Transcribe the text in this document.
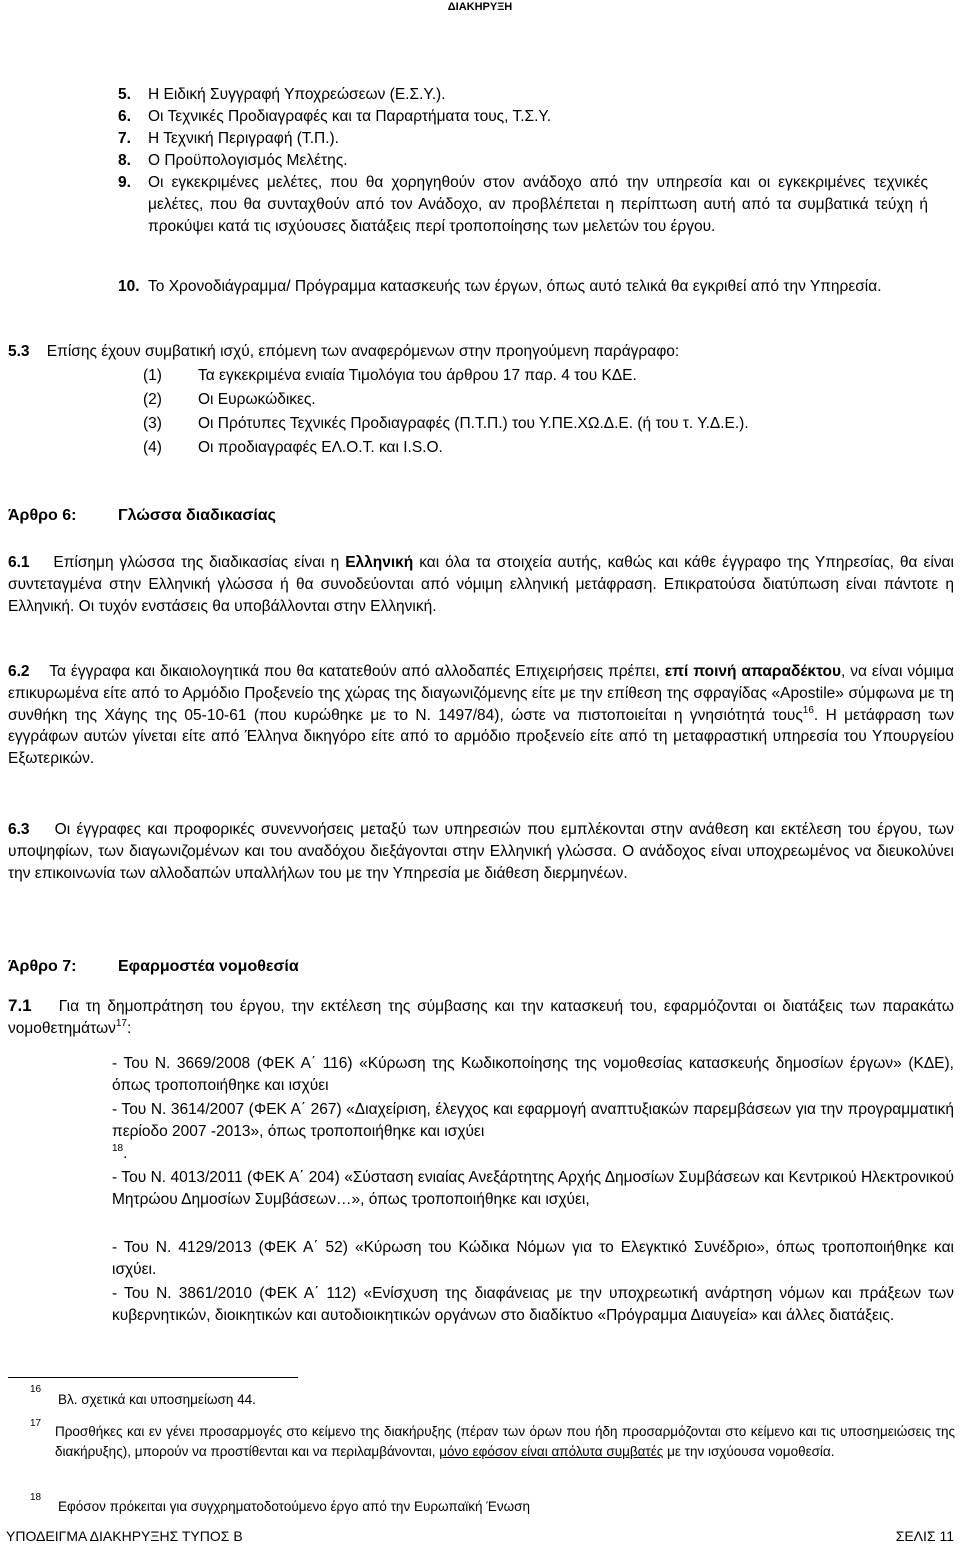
ΔΙΑΚΗΡΥΞΗ
5. Η Ειδική Συγγραφή Υποχρεώσεων (Ε.Σ.Υ.).
6. Οι Τεχνικές Προδιαγραφές και τα Παραρτήματα τους, Τ.Σ.Υ.
7. Η Τεχνική Περιγραφή (Τ.Π.).
8. Ο Προϋπολογισμός Μελέτης.
9. Οι εγκεκριμένες μελέτες, που θα χορηγηθούν στον ανάδοχο από την υπηρεσία και οι εγκεκριμένες τεχνικές μελέτες, που θα συνταχθούν από τον Ανάδοχο, αν προβλέπεται η περίπτωση αυτή από τα συμβατικά τεύχη ή προκύψει κατά τις ισχύουσες διατάξεις περί τροποποίησης των μελετών του έργου.
10. Το Χρονοδιάγραμμα/ Πρόγραμμα κατασκευής των έργων, όπως αυτό τελικά θα εγκριθεί από την Υπηρεσία.
5.3 Επίσης έχουν συμβατική ισχύ, επόμενη των αναφερόμενων στην προηγούμενη παράγραφο:
(1) Τα εγκεκριμένα ενιαία Τιμολόγια του άρθρου 17 παρ. 4 του ΚΔΕ.
(2) Οι Ευρωκώδικες.
(3) Οι Πρότυπες Τεχνικές Προδιαγραφές (Π.Τ.Π.) του Υ.ΠΕ.ΧΩ.Δ.Ε. (ή του τ. Υ.Δ.Ε.).
(4) Οι προδιαγραφές ΕΛ.Ο.Τ. και I.S.O.
Άρθρο 6:	Γλώσσα διαδικασίας
6.1 Επίσημη γλώσσα της διαδικασίας είναι η Ελληνική και όλα τα στοιχεία αυτής, καθώς και κάθε έγγραφο της Υπηρεσίας, θα είναι συντεταγμένα στην Ελληνική γλώσσα ή θα συνοδεύονται από νόμιμη ελληνική μετάφραση. Επικρατούσα διατύπωση είναι πάντοτε η Ελληνική. Οι τυχόν ενστάσεις θα υποβάλλονται στην Ελληνική.
6.2 Τα έγγραφα και δικαιολογητικά που θα κατατεθούν από αλλοδαπές Επιχειρήσεις πρέπει, επί ποινή απαραδέκτου, να είναι νόμιμα επικυρωμένα είτε από το Αρμόδιο Προξενείο της χώρας της διαγωνιζόμενης είτε με την επίθεση της σφραγίδας «Apostile» σύμφωνα με τη συνθήκη της Χάγης της 05-10-61 (που κυρώθηκε με το Ν. 1497/84), ώστε να πιστοποιείται η γνησιότητά τους$^{16}$. Η μετάφραση των εγγράφων αυτών γίνεται είτε από Έλληνα δικηγόρο είτε από το αρμόδιο προξενείο είτε από τη μεταφραστική υπηρεσία του Υπουργείου Εξωτερικών.
6.3 Οι έγγραφες και προφορικές συνεννοήσεις μεταξύ των υπηρεσιών που εμπλέκονται στην ανάθεση και εκτέλεση του έργου, των υποψηφίων, των διαγωνιζομένων και του αναδόχου διεξάγονται στην Ελληνική γλώσσα. Ο ανάδοχος είναι υποχρεωμένος να διευκολύνει την επικοινωνία των αλλοδαπών υπαλλήλων του με την Υπηρεσία με διάθεση διερμηνέων.
Άρθρο 7:	Εφαρμοστέα νομοθεσία
7.1 Για τη δημοπράτηση του έργου, την εκτέλεση της σύμβασης και την κατασκευή του, εφαρμόζονται οι διατάξεις των παρακάτω νομοθετημάτων$^{17}$:
- Του Ν. 3669/2008 (ΦΕΚ Α΄ 116) «Κύρωση της Κωδικοποίησης της νομοθεσίας κατασκευής δημοσίων έργων» (ΚΔΕ), όπως τροποποιήθηκε και ισχύει
- Του Ν. 3614/2007 (ΦΕΚ Α΄ 267) «Διαχείριση, έλεγχος και εφαρμογή αναπτυξιακών παρεμβάσεων για την προγραμματική περίοδο 2007 -2013», όπως τροποποιήθηκε και ισχύει
$^{18}$.
- Του Ν. 4013/2011 (ΦΕΚ Α΄ 204) «Σύσταση ενιαίας Ανεξάρτητης Αρχής Δημοσίων Συμβάσεων και Κεντρικού Ηλεκτρονικού Μητρώου Δημοσίων Συμβάσεων…», όπως τροποποιήθηκε και ισχύει,
- Του Ν. 4129/2013 (ΦΕΚ Α΄ 52) «Κύρωση του Κώδικα Νόμων για το Ελεγκτικό Συνέδριο», όπως τροποποιήθηκε και ισχύει.
- Του Ν. 3861/2010 (ΦΕΚ Α΄ 112) «Ενίσχυση της διαφάνειας με την υποχρεωτική ανάρτηση νόμων και πράξεων των κυβερνητικών, διοικητικών και αυτοδιοικητικών οργάνων στο διαδίκτυο «Πρόγραμμα Διαυγεία» και άλλες διατάξεις.
16
Βλ. σχετικά και υποσημείωση 44.
17
Προσθήκες και εν γένει προσαρμογές στο κείμενο της διακήρυξης (πέραν των όρων που ήδη προσαρμόζονται στο κείμενο και τις υποσημειώσεις της διακήρυξης), μπορούν να προστίθενται και να περιλαμβάνονται, μόνο εφόσον είναι απόλυτα συμβατές με την ισχύουσα νομοθεσία.
18
Εφόσον πρόκειται για συγχρηματοδοτούμενο έργο από την Ευρωπαϊκή Ένωση
ΥΠΟΔΕΙΓΜΑ ΔΙΑΚΗΡΥΞΗΣ ΤΥΠΟΣ Β	ΣΕΛΙΣ 11
